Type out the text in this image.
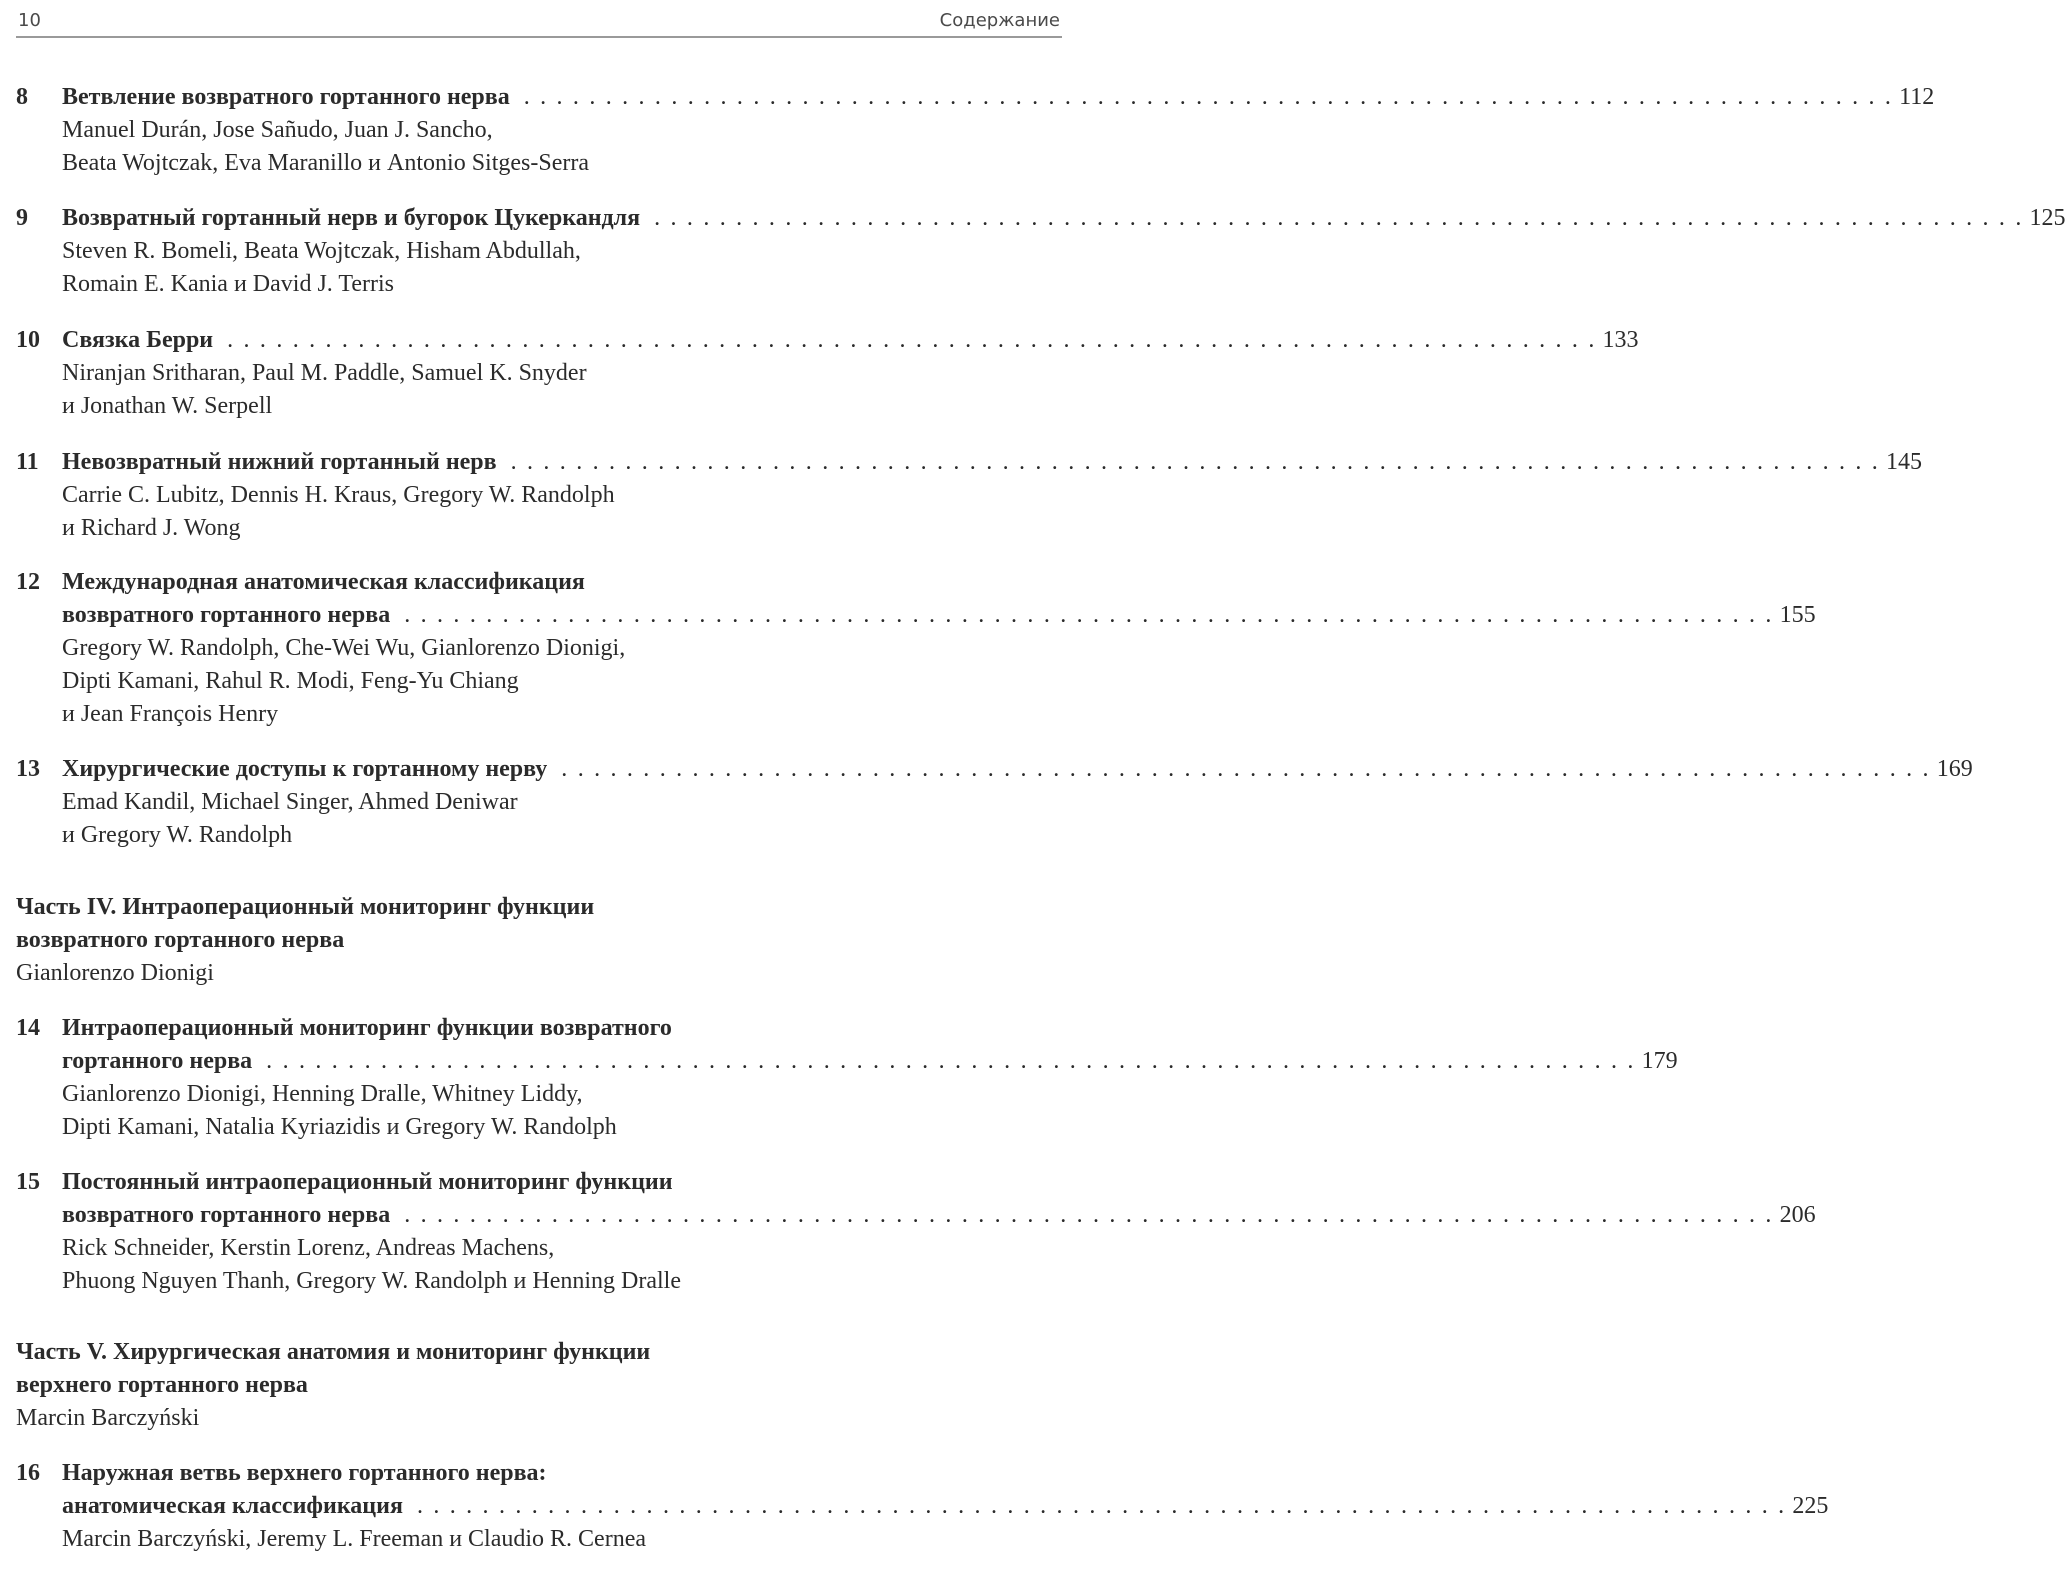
10	Содержание
8 Ветвление возвратного гортанного нерва . . . . . . . . . . . . . . . . . . . . . . . . . . . . . . . . . . . . . . . . . . . . . . . . . . . . . . . . . . . . . . . . . . . . . . . . . . . . . . . . . . . . 112
Manuel Durán, Jose Sañudo, Juan J. Sancho,
Beata Wojtczak, Eva Maranillo и Antonio Sitges-Serra
9 Возвратный гортанный нерв и бугорок Цукеркандля . . . . . . . . . . . . . . . . . . . . . . . . . . . . . . . . . . . . . . . . . . . . . . . . . . . . . . . . . . . . . . . . . . . . . . . . . . . . . . . . . . . . 125
Steven R. Bomeli, Beata Wojtczak, Hisham Abdullah,
Romain E. Kania и David J. Terris
10 Связка Берри . . . . . . . . . . . . . . . . . . . . . . . . . . . . . . . . . . . . . . . . . . . . . . . . . . . . . . . . . . . . . . . . . . . . . . . . . . . . . . . . . . . . 133
Niranjan Sritharan, Paul M. Paddle, Samuel K. Snyder
и Jonathan W. Serpell
11 Невозвратный нижний гортанный нерв . . . . . . . . . . . . . . . . . . . . . . . . . . . . . . . . . . . . . . . . . . . . . . . . . . . . . . . . . . . . . . . . . . . . . . . . . . . . . . . . . . . . 145
Carrie C. Lubitz, Dennis H. Kraus, Gregory W. Randolph
и Richard J. Wong
12 Международная анатомическая классификация
возвратного гортанного нерва . . . . . . . . . . . . . . . . . . . . . . . . . . . . . . . . . . . . . . . . . . . . . . . . . . . . . . . . . . . . . . . . . . . . . . . . . . . . . . . . . . . . 155
Gregory W. Randolph, Che-Wei Wu, Gianlorenzo Dionigi,
Dipti Kamani, Rahul R. Modi, Feng-Yu Chiang
и Jean François Henry
13 Хирургические доступы к гортанному нерву . . . . . . . . . . . . . . . . . . . . . . . . . . . . . . . . . . . . . . . . . . . . . . . . . . . . . . . . . . . . . . . . . . . . . . . . . . . . . . . . . . . . 169
Emad Kandil, Michael Singer, Ahmed Deniwar
и Gregory W. Randolph
Часть IV. Интраоперационный мониторинг функции
возвратного гортанного нерва
Gianlorenzo Dionigi
14 Интраоперационный мониторинг функции возвратного
гортанного нерва . . . . . . . . . . . . . . . . . . . . . . . . . . . . . . . . . . . . . . . . . . . . . . . . . . . . . . . . . . . . . . . . . . . . . . . . . . . . . . . . . . . . 179
Gianlorenzo Dionigi, Henning Dralle, Whitney Liddy,
Dipti Kamani, Natalia Kyriazidis и Gregory W. Randolph
15 Постоянный интраоперационный мониторинг функции
возвратного гортанного нерва . . . . . . . . . . . . . . . . . . . . . . . . . . . . . . . . . . . . . . . . . . . . . . . . . . . . . . . . . . . . . . . . . . . . . . . . . . . . . . . . . . . . 206
Rick Schneider, Kerstin Lorenz, Andreas Machens,
Phuong Nguyen Thanh, Gregory W. Randolph и Henning Dralle
Часть V. Хирургическая анатомия и мониторинг функции
верхнего гортанного нерва
Marcin Barczyński
16 Наружная ветвь верхнего гортанного нерва:
анатомическая классификация . . . . . . . . . . . . . . . . . . . . . . . . . . . . . . . . . . . . . . . . . . . . . . . . . . . . . . . . . . . . . . . . . . . . . . . . . . . . . . . . . . . . 225
Marcin Barczyński, Jeremy L. Freeman и Claudio R. Cernea
